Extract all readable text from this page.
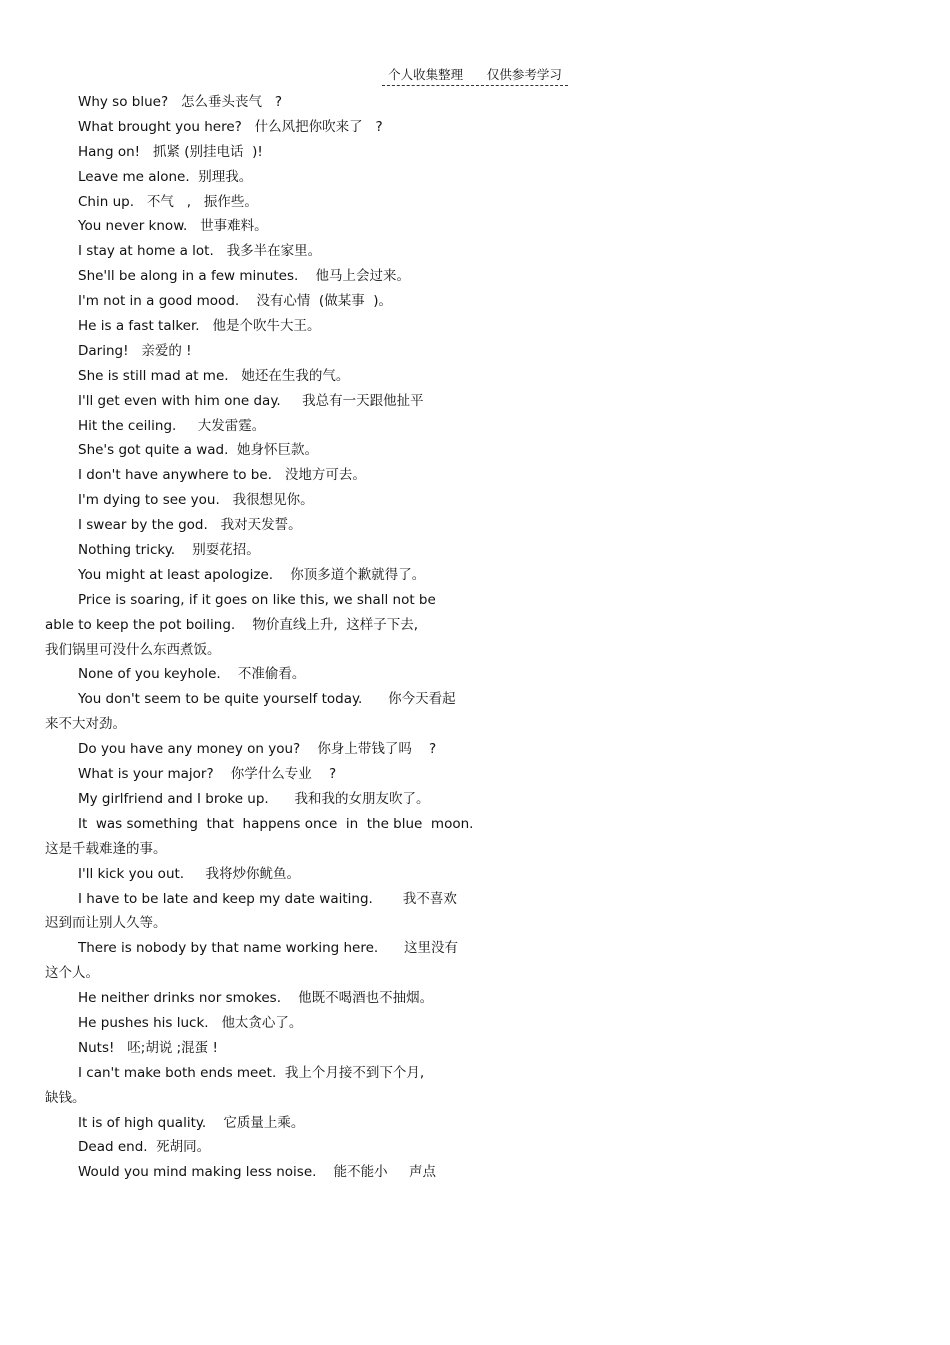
个人收集整理      仅供参考学习
Why so blue?   怎么垂头丧气   ?
What brought you here?   什么风把你吹来了   ?
Hang on!   抓紧 (别挂电话  )!
Leave me alone.  别理我。
Chin up.   不气   ,   振作些。
You never know.   世事难料。
I stay at home a lot.   我多半在家里。
She'll be along in a few minutes.    他马上会过来。
I'm not in a good mood.    没有心情  (做某事  )。
He is a fast talker.   他是个吹牛大王。
Daring!   亲爱的 !
She is still mad at me.   她还在生我的气。
I'll get even with him one day.     我总有一天跟他扯平
Hit the ceiling.     大发雷霆。
She's got quite a wad.  她身怀巨款。
I don't have anywhere to be.   没地方可去。
I'm dying to see you.   我很想见你。
I swear by the god.   我对天发誓。
Nothing tricky.    别耍花招。
You might at least apologize.    你顶多道个歉就得了。
Price is soaring, if it goes on like this, we shall not be
able to keep the pot boiling.    物价直线上升,  这样子下去,
我们锅里可没什么东西煮饭。
None of you keyhole.    不准偷看。
You don't seem to be quite yourself today.      你今天看起
来不大对劲。
Do you have any money on you?    你身上带钱了吗    ?
What is your major?    你学什么专业    ?
My girlfriend and I broke up.      我和我的女朋友吹了。
It  was something  that  happens once  in  the blue  moon.
这是千载难逢的事。
I'll kick you out.     我将炒你鱿鱼。
I have to be late and keep my date waiting.       我不喜欢
迟到而让别人久等。
There is nobody by that name working here.      这里没有
这个人。
He neither drinks nor smokes.    他既不喝酒也不抽烟。
He pushes his luck.   他太贪心了。
Nuts!   呸;胡说 ;混蛋 !
I can't make both ends meet.  我上个月接不到下个月,
缺钱。
It is of high quality.    它质量上乘。
Dead end.  死胡同。
Would you mind making less noise.    能不能小     声点
